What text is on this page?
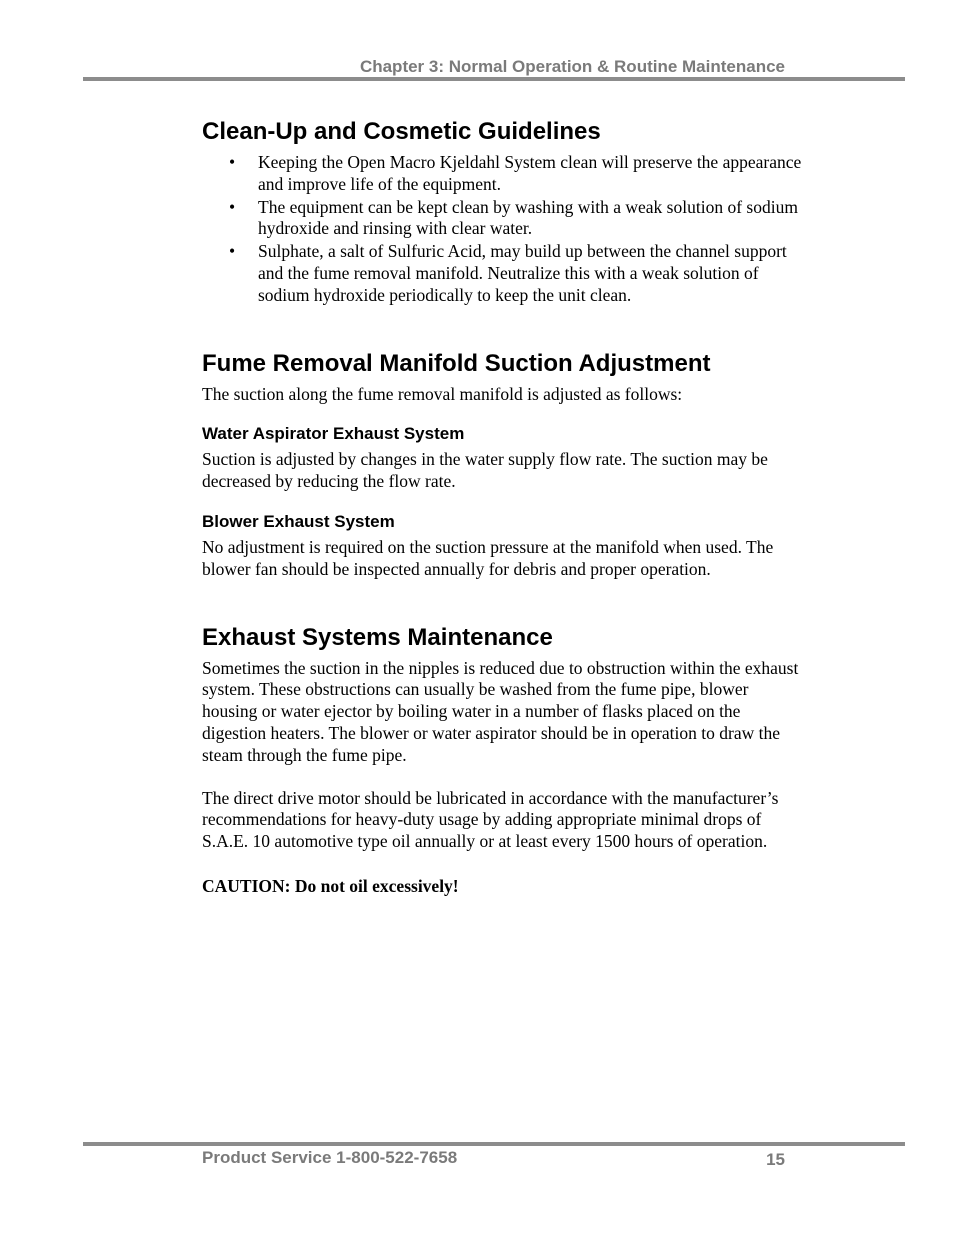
Chapter 3: Normal Operation & Routine Maintenance
Clean-Up and Cosmetic Guidelines
• Keeping the Open Macro Kjeldahl System clean will preserve the appearance and improve life of the equipment.
• The equipment can be kept clean by washing with a weak solution of sodium hydroxide and rinsing with clear water.
• Sulphate, a salt of Sulfuric Acid, may build up between the channel support and the fume removal manifold. Neutralize this with a weak solution of sodium hydroxide periodically to keep the unit clean.
Fume Removal Manifold Suction Adjustment

The suction along the fume removal manifold is adjusted as follows:

Water Aspirator Exhaust System

Suction is adjusted by changes in the water supply flow rate. The suction may be decreased by reducing the flow rate.

Blower Exhaust System

No adjustment is required on the suction pressure at the manifold when used. The blower fan should be inspected annually for debris and proper operation.

Exhaust Systems Maintenance

Sometimes the suction in the nipples is reduced due to obstruction within the exhaust system. These obstructions can usually be washed from the fume pipe, blower housing or water ejector by boiling water in a number of flasks placed on the digestion heaters. The blower or water aspirator should be in operation to draw the steam through the fume pipe.

The direct drive motor should be lubricated in accordance with the manufacturer’s recommendations for heavy-duty usage by adding appropriate minimal drops of S.A.E. 10 automotive type oil annually or at least every 1500 hours of operation.

CAUTION: Do not oil excessively!

Product Service 1-800-522-7658	15
